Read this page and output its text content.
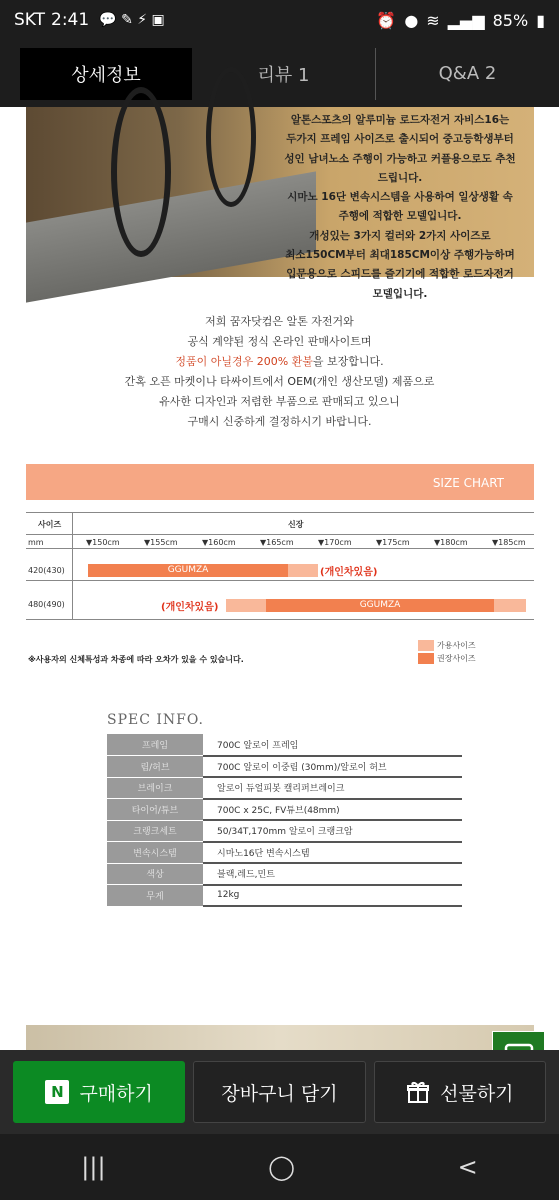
SKT 2:41 💬 ✎ ⚡ ▣	⏰ ● ≋ ▂▄▆ 85% ▮
상세정보	리뷰 1	Q&A 2
알톤스포츠의 알루미늄 로드자전거 자비스16는
두가지 프레임 사이즈로 출시되어 중고등학생부터
성인 남녀노소 주행이 가능하고 커플용으로도 추천드립니다.
시마노 16단 변속시스템을 사용하여 일상생활 속
주행에 적합한 모델입니다.
개성있는 3가지 컬러와 2가지 사이즈로
최소150CM부터 최대185CM이상 주행가능하며
입문용으로 스피드를 즐기기에 적합한 로드자전거 모델입니다.
저희 꿈자닷컴은 알톤 자전거와
공식 계약된 정식 온라인 판매사이트며
정품이 아닐경우 200% 환불을 보장합니다.
간혹 오픈 마켓이나 타싸이트에서 OEM(개인 생산모델) 제품으로
유사한 디자인과 저렴한 부품으로 판매되고 있으니
구매시 신중하게 결정하시기 바랍니다.
SIZE CHART
사이즈	신장
mm	▼150cm	▼155cm	▼160cm	▼165cm	▼170cm	▼175cm	▼180cm	▼185cm
420(430)	GGUMZA	(개인차있음)
480(490)	(개인차있음)	GGUMZA
※사용자의 신체특성과 차종에 따라 오차가 있을 수 있습니다.
가용사이즈
권장사이즈
SPEC INFO.
프레임	700C 알로이 프레임
림/허브	700C 알로이 이중림 (30mm)/알로이 허브
브레이크	알로이 듀얼피봇 캘리퍼브레이크
타이어/튜브	700C x 25C, FV튜브(48mm)
크랭크세트	50/34T,170mm 알로이 크랭크암
변속시스템	시마노16단 변속시스템
색상	블랙,레드,민트
무게	12kg
N 구매하기	장바구니 담기	선물하기
|||	◯	<
